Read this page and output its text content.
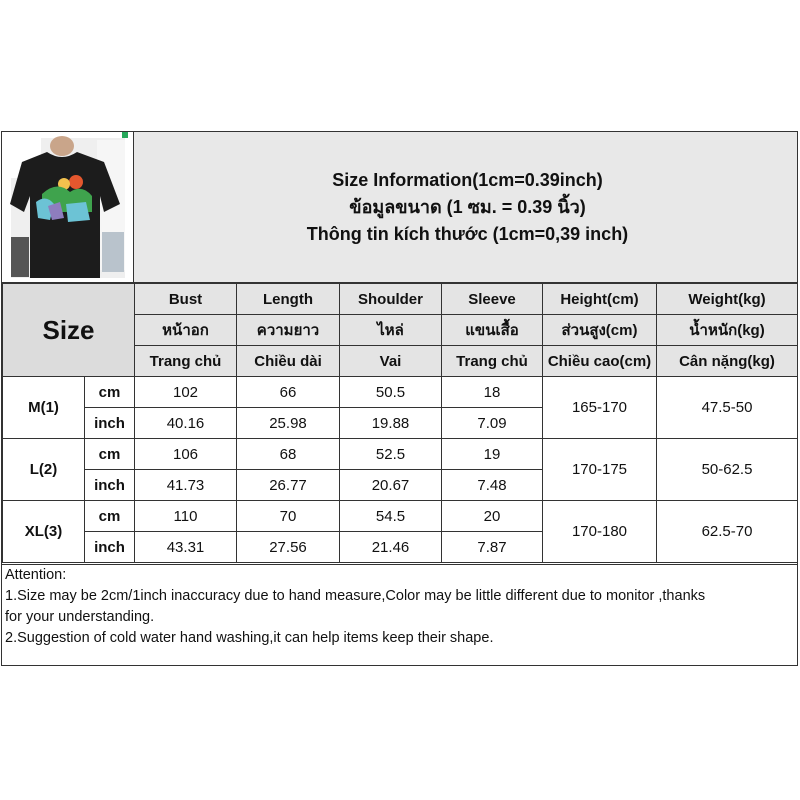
Size Information(1cm=0.39inch)
ข้อมูลขนาด (1 ซม. = 0.39 นิ้ว)
Thông tin kích thước (1cm=0,39 inch)
Size		Bust	Length	Shoulder	Sleeve	Height(cm)	Weight(kg)
		หน้าอก	ความยาว	ไหล่	แขนเสื้อ	ส่วนสูง(cm)	น้ำหนัก(kg)
		Trang chủ	Chiều dài	Vai	Trang chủ	Chiều cao(cm)	Cân nặng(kg)
M(1)	cm	102	66	50.5	18	165-170	47.5-50
	inch	40.16	25.98	19.88	7.09		
L(2)	cm	106	68	52.5	19	170-175	50-62.5
	inch	41.73	26.77	20.67	7.48		
XL(3)	cm	110	70	54.5	20	170-180	62.5-70
	inch	43.31	27.56	21.46	7.87		

Attention:

1.Size may be 2cm/1inch inaccuracy due to hand measure,Color may be little different due to monitor ,thanks

for your understanding.

2.Suggestion of cold water hand washing,it can help items keep their shape.
